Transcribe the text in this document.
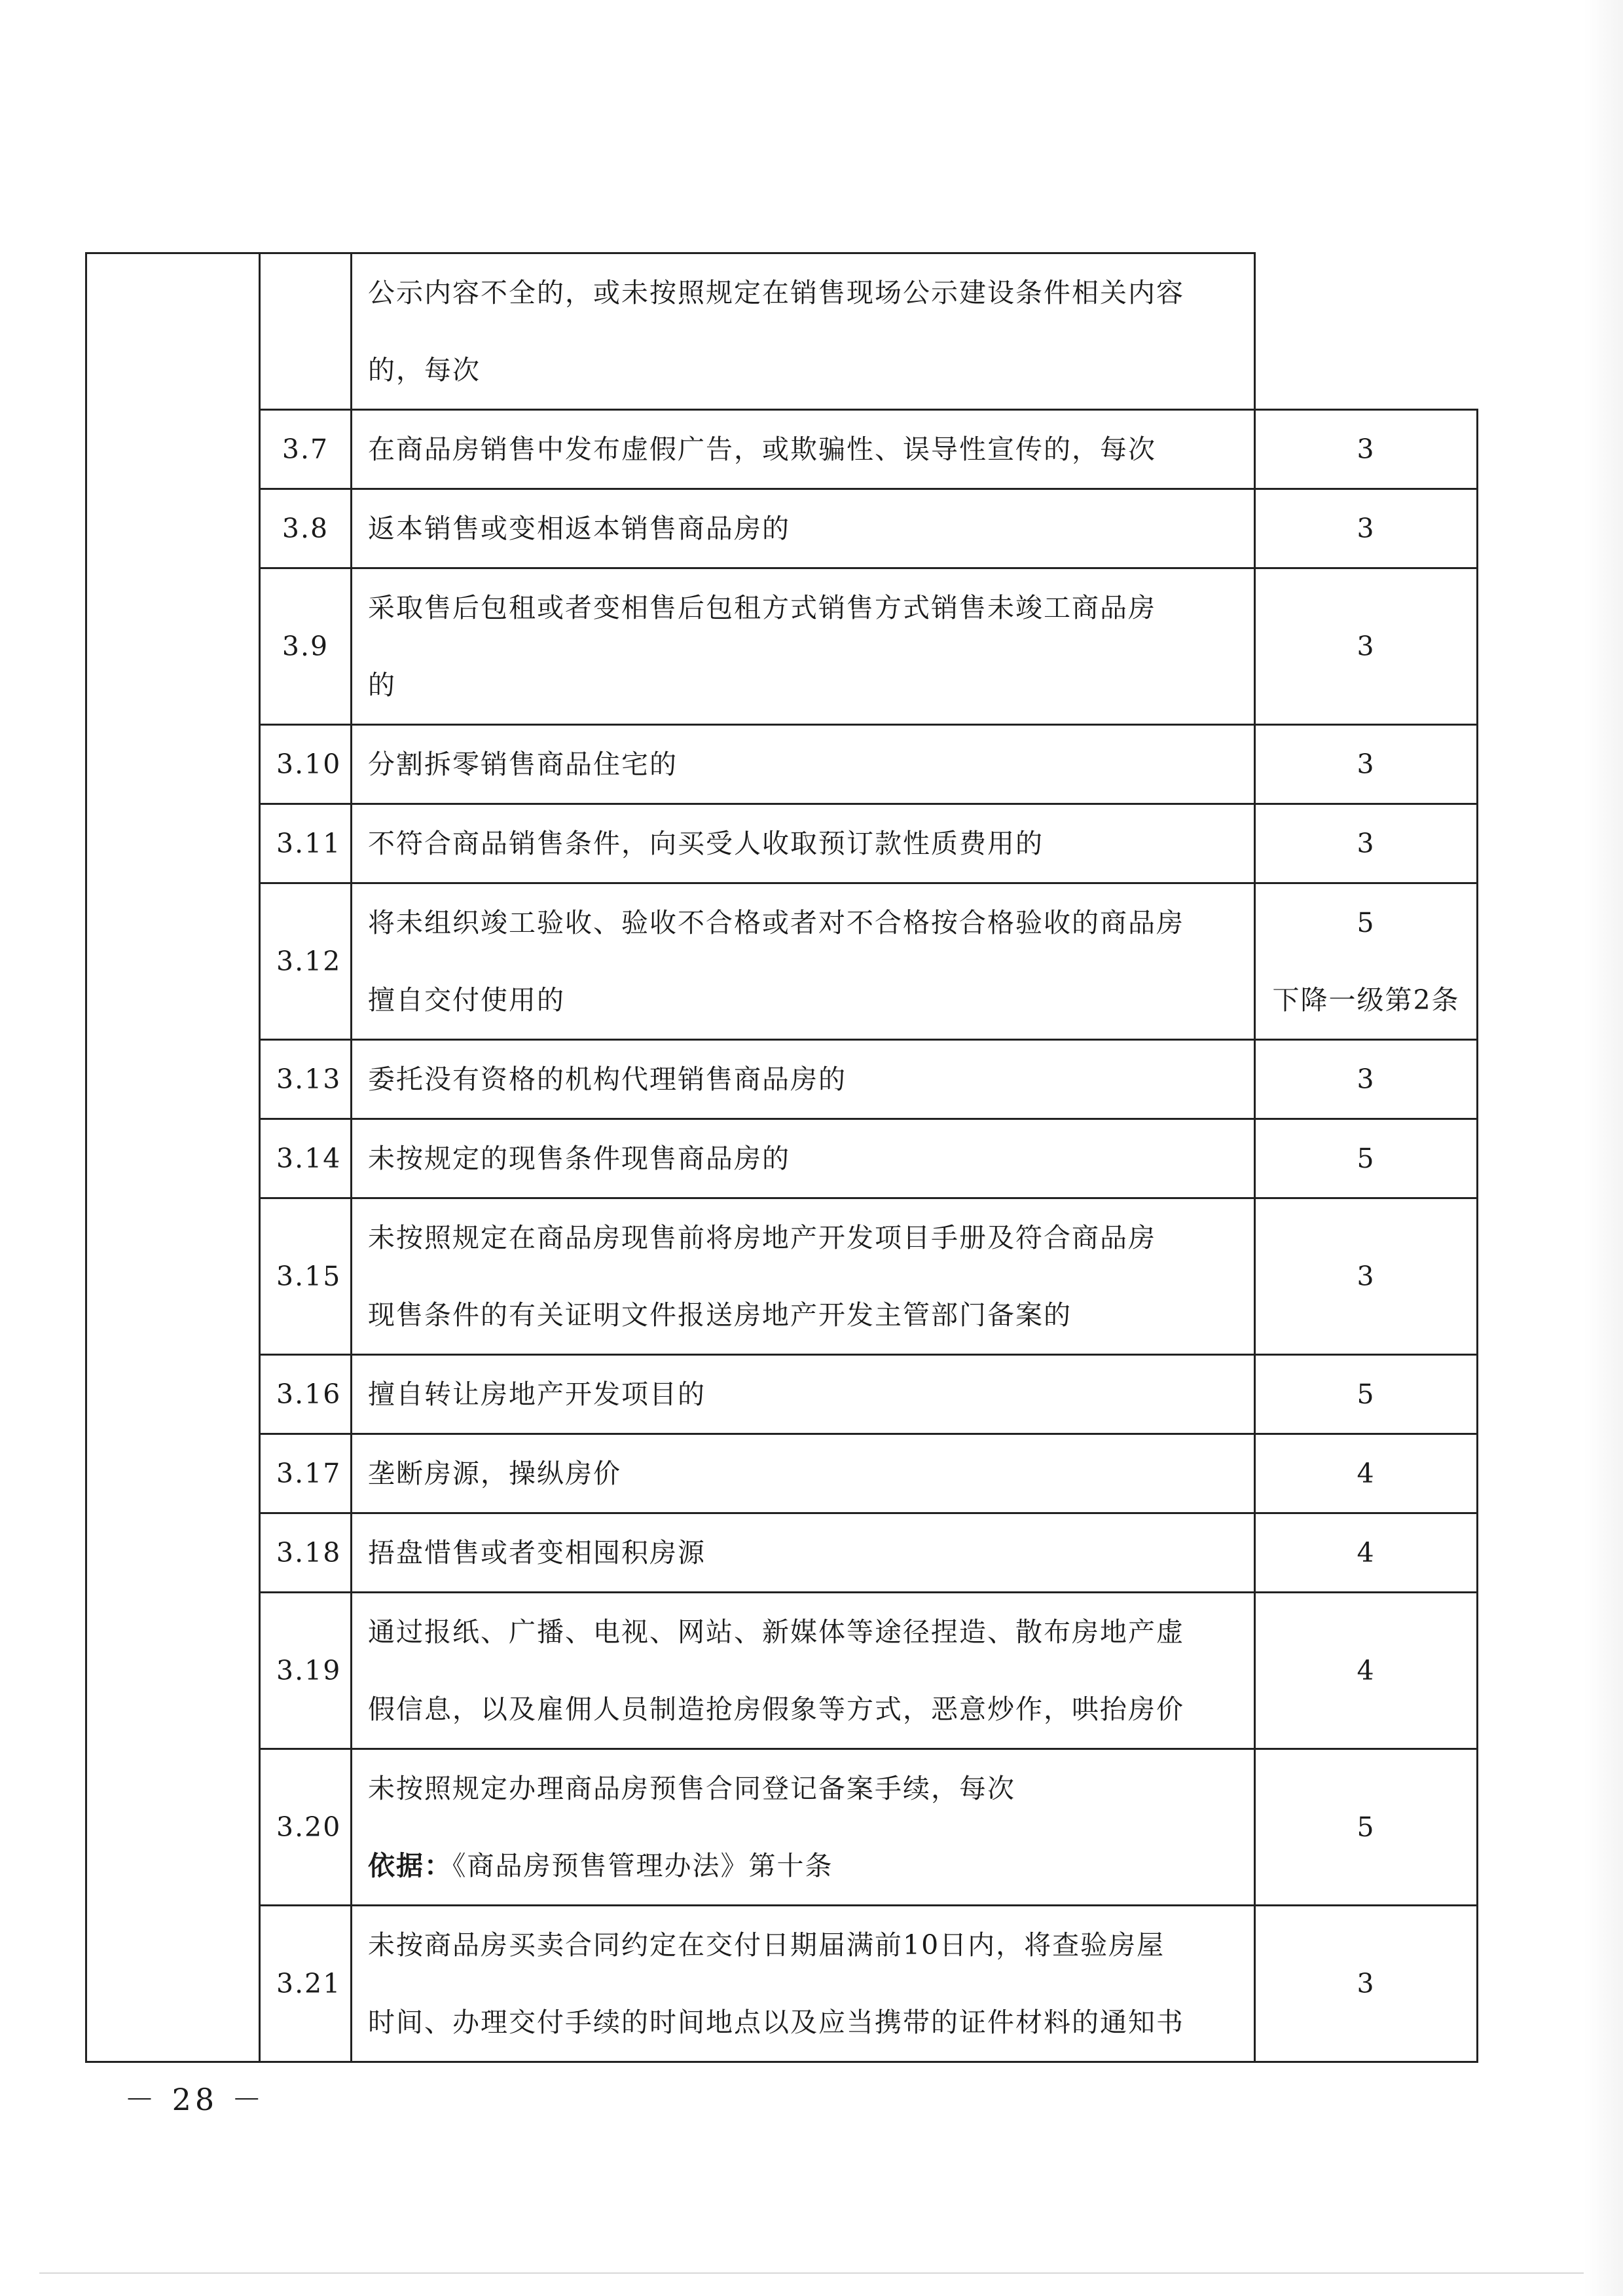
		公示内容不全的，或未按照规定在销售现场公示建设条件相关内容
的，每次	

	3.7	在商品房销售中发布虚假广告，或欺骗性、误导性宣传的，每次	3

	3.8	返本销售或变相返本销售商品房的	3

	3.9	采取售后包租或者变相售后包租方式销售方式销售未竣工商品房
的	3

	3.10	分割拆零销售商品住宅的	3

	3.11	不符合商品销售条件，向买受人收取预订款性质费用的	3

	3.12	将未组织竣工验收、验收不合格或者对不合格按合格验收的商品房
擅自交付使用的	5
下降一级第2条

	3.13	委托没有资格的机构代理销售商品房的	3

	3.14	未按规定的现售条件现售商品房的	5

	3.15	未按照规定在商品房现售前将房地产开发项目手册及符合商品房
现售条件的有关证明文件报送房地产开发主管部门备案的	3

	3.16	擅自转让房地产开发项目的	5

	3.17	垄断房源，操纵房价	4

	3.18	捂盘惜售或者变相囤积房源	4

	3.19	通过报纸、广播、电视、网站、新媒体等途径捏造、散布房地产虚
假信息，以及雇佣人员制造抢房假象等方式，恶意炒作，哄抬房价	4

	3.20	未按照规定办理商品房预售合同登记备案手续，每次
依据：《商品房预售管理办法》第十条	5

	3.21	未按商品房买卖合同约定在交付日期届满前10日内，将查验房屋
时间、办理交付手续的时间地点以及应当携带的证件材料的通知书	3
－ 28 －
